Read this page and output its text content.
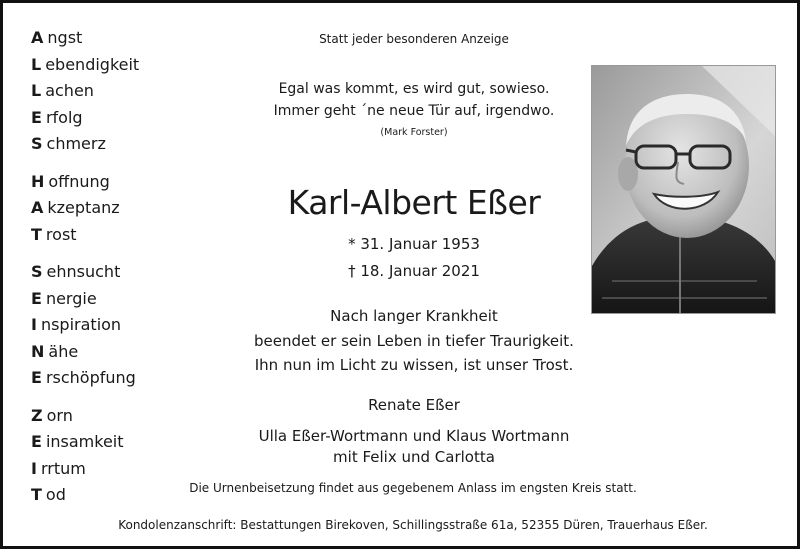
A ngst
L ebendigkeit
L achen
E rfolg
S chmerz
H offnung
A kzeptanz
T rost
S ehnsucht
E nergie
I nspiration
N ähe
E rschöpfung
Z orn
E insamkeit
I rrtum
T od
Statt jeder besonderen Anzeige
Egal was kommt, es wird gut, sowieso.
Immer geht ´ne neue Tür auf, irgendwo.
(Mark Forster)
Karl-Albert Eßer
* 31. Januar 1953
† 18. Januar 2021
Nach langer Krankheit
beendet er sein Leben in tiefer Traurigkeit.
Ihn nun im Licht zu wissen, ist unser Trost.
Renate Eßer
Ulla Eßer-Wortmann und Klaus Wortmann
mit Felix und Carlotta
Die Urnenbeisetzung findet aus gegebenem Anlass im engsten Kreis statt.
Kondolenzanschrift: Bestattungen Birekoven, Schillingsstraße 61a, 52355 Düren, Trauerhaus Eßer.
